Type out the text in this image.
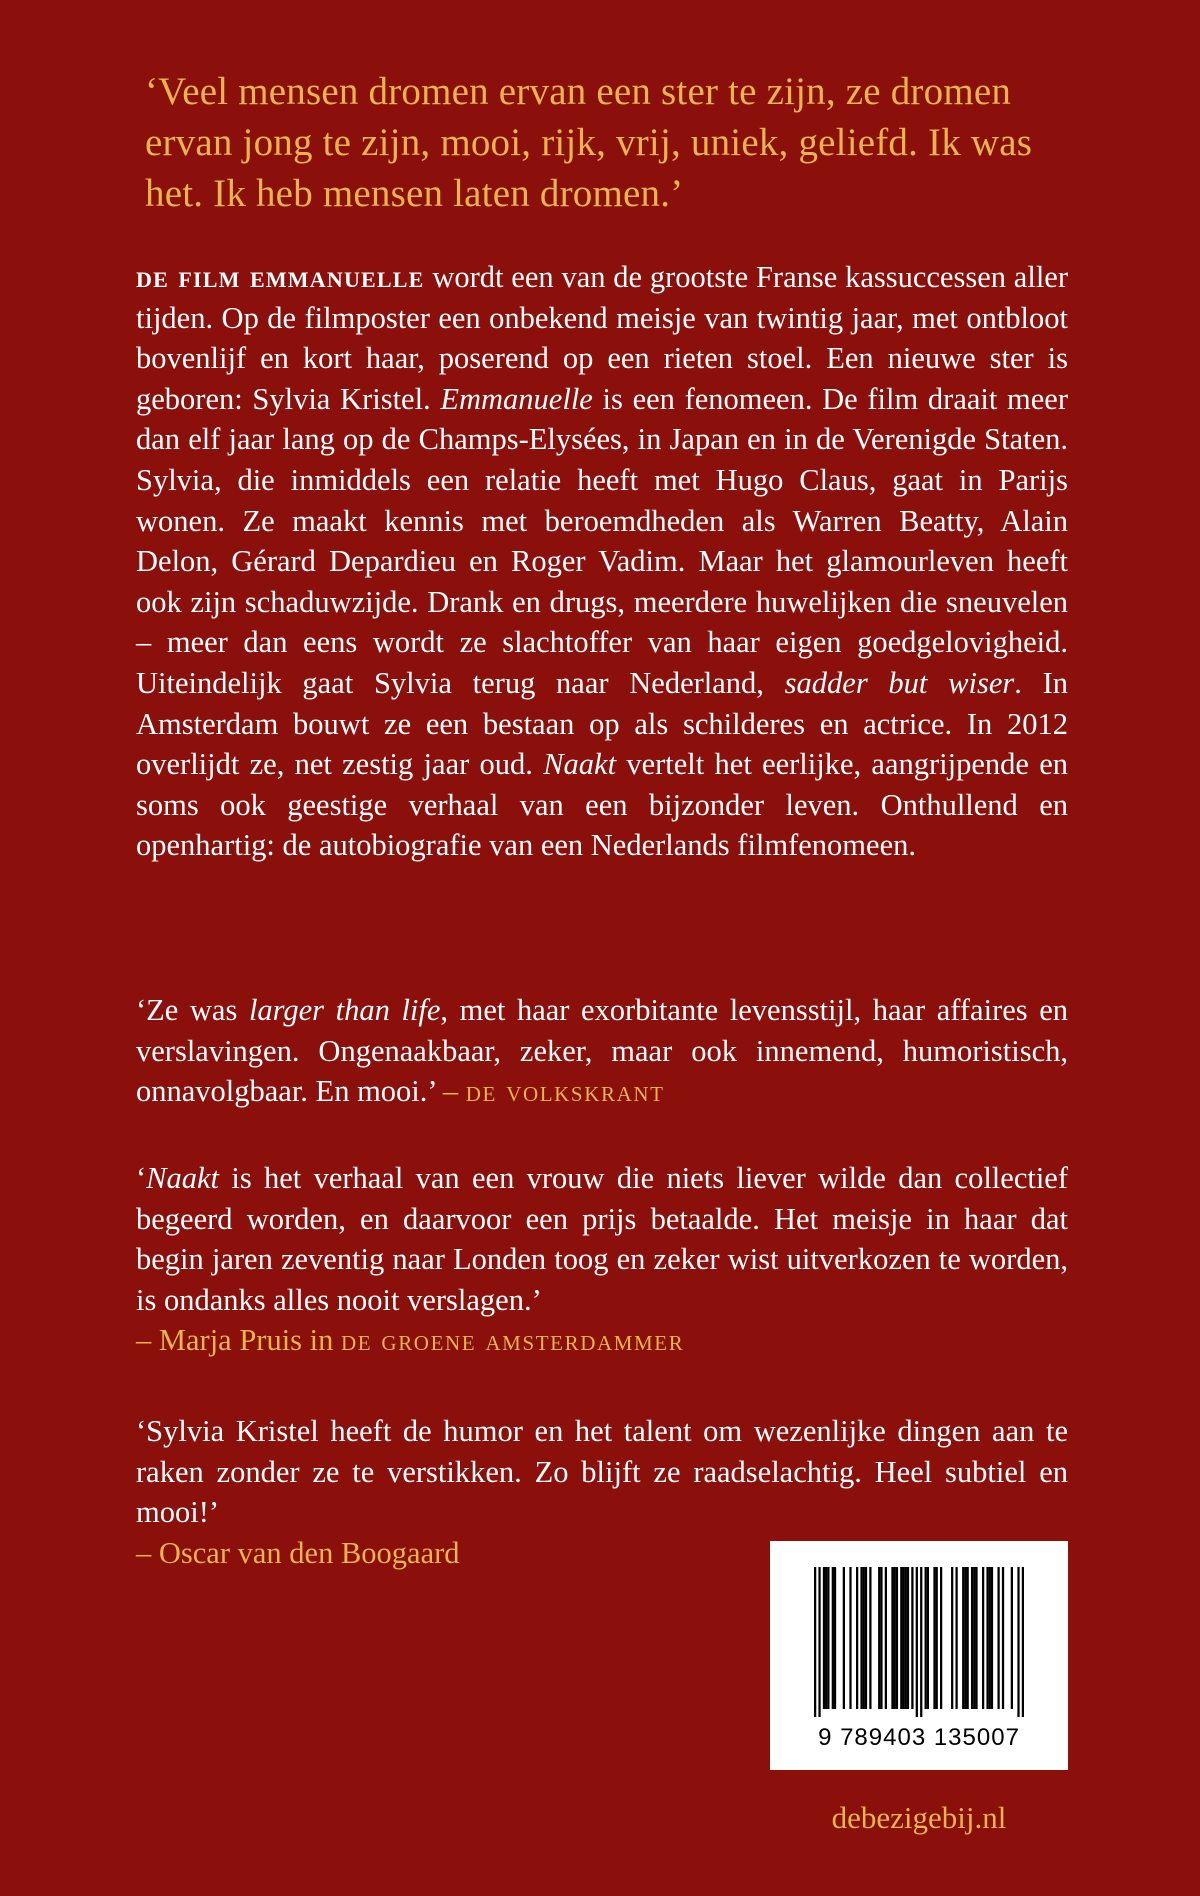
‘Veel mensen dromen ervan een ster te zijn, ze dromen ervan jong te zijn, mooi, rijk, vrij, uniek, geliefd. Ik was het. Ik heb mensen laten dromen.’

de film emmanuelle wordt een van de grootste Franse kassuccessen aller tijden. Op de filmposter een onbekend meisje van twintig jaar, met ontbloot bovenlijf en kort haar, poserend op een rieten stoel. Een nieuwe ster is geboren: Sylvia Kristel. Emmanuelle is een fenomeen. De film draait meer dan elf jaar lang op de Champs-Elysées, in Japan en in de Verenigde Staten. Sylvia, die inmiddels een relatie heeft met Hugo Claus, gaat in Parijs wonen. Ze maakt kennis met beroemdheden als Warren Beatty, Alain Delon, Gérard Depardieu en Roger Vadim. Maar het glamourleven heeft ook zijn schaduwzijde. Drank en drugs, meerdere huwelijken die sneuvelen – meer dan eens wordt ze slachtoffer van haar eigen goedgelovigheid. Uiteindelijk gaat Sylvia terug naar Nederland, sadder but wiser. In Amsterdam bouwt ze een bestaan op als schilderes en actrice. In 2012 overlijdt ze, net zestig jaar oud. Naakt vertelt het eerlijke, aangrijpende en soms ook geestige verhaal van een bijzonder leven. Onthullend en openhartig: de autobiografie van een Nederlands filmfenomeen.

‘Ze was larger than life, met haar exorbitante levensstijl, haar affaires en verslavingen. Ongenaakbaar, zeker, maar ook innemend, humoristisch, onnavolgbaar. En mooi.’ – de volkskrant

‘Naakt is het verhaal van een vrouw die niets liever wilde dan collectief begeerd worden, en daarvoor een prijs betaalde. Het meisje in haar dat begin jaren zeventig naar Londen toog en zeker wist uitverkozen te worden, is ondanks alles nooit verslagen.’
– Marja Pruis in de groene amsterdammer

‘Sylvia Kristel heeft de humor en het talent om wezenlijke dingen aan te raken zonder ze te verstikken. Zo blijft ze raadselachtig. Heel subtiel en mooi!’
– Oscar van den Boogaard

9 789403 135007
debezigebij.nl
